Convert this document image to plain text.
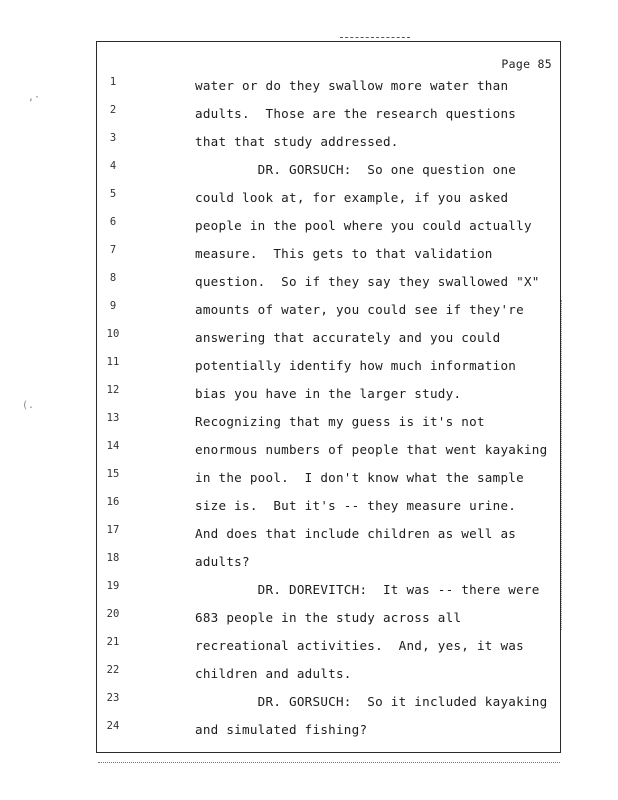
,·
(.
Page 85
1	water or do they swallow more water than
2	adults.  Those are the research questions
3	that that study addressed.
4	DR. GORSUCH:  So one question one
5	could look at, for example, if you asked
6	people in the pool where you could actually
7	measure.  This gets to that validation
8	question.  So if they say they swallowed "X"
9	amounts of water, you could see if they're
10	answering that accurately and you could
11	potentially identify how much information
12	bias you have in the larger study.
13	Recognizing that my guess is it's not
14	enormous numbers of people that went kayaking
15	in the pool.  I don't know what the sample
16	size is.  But it's -- they measure urine.
17	And does that include children as well as
18	adults?
19	DR. DOREVITCH:  It was -- there were
20	683 people in the study across all
21	recreational activities.  And, yes, it was
22	children and adults.
23	DR. GORSUCH:  So it included kayaking
24	and simulated fishing?
